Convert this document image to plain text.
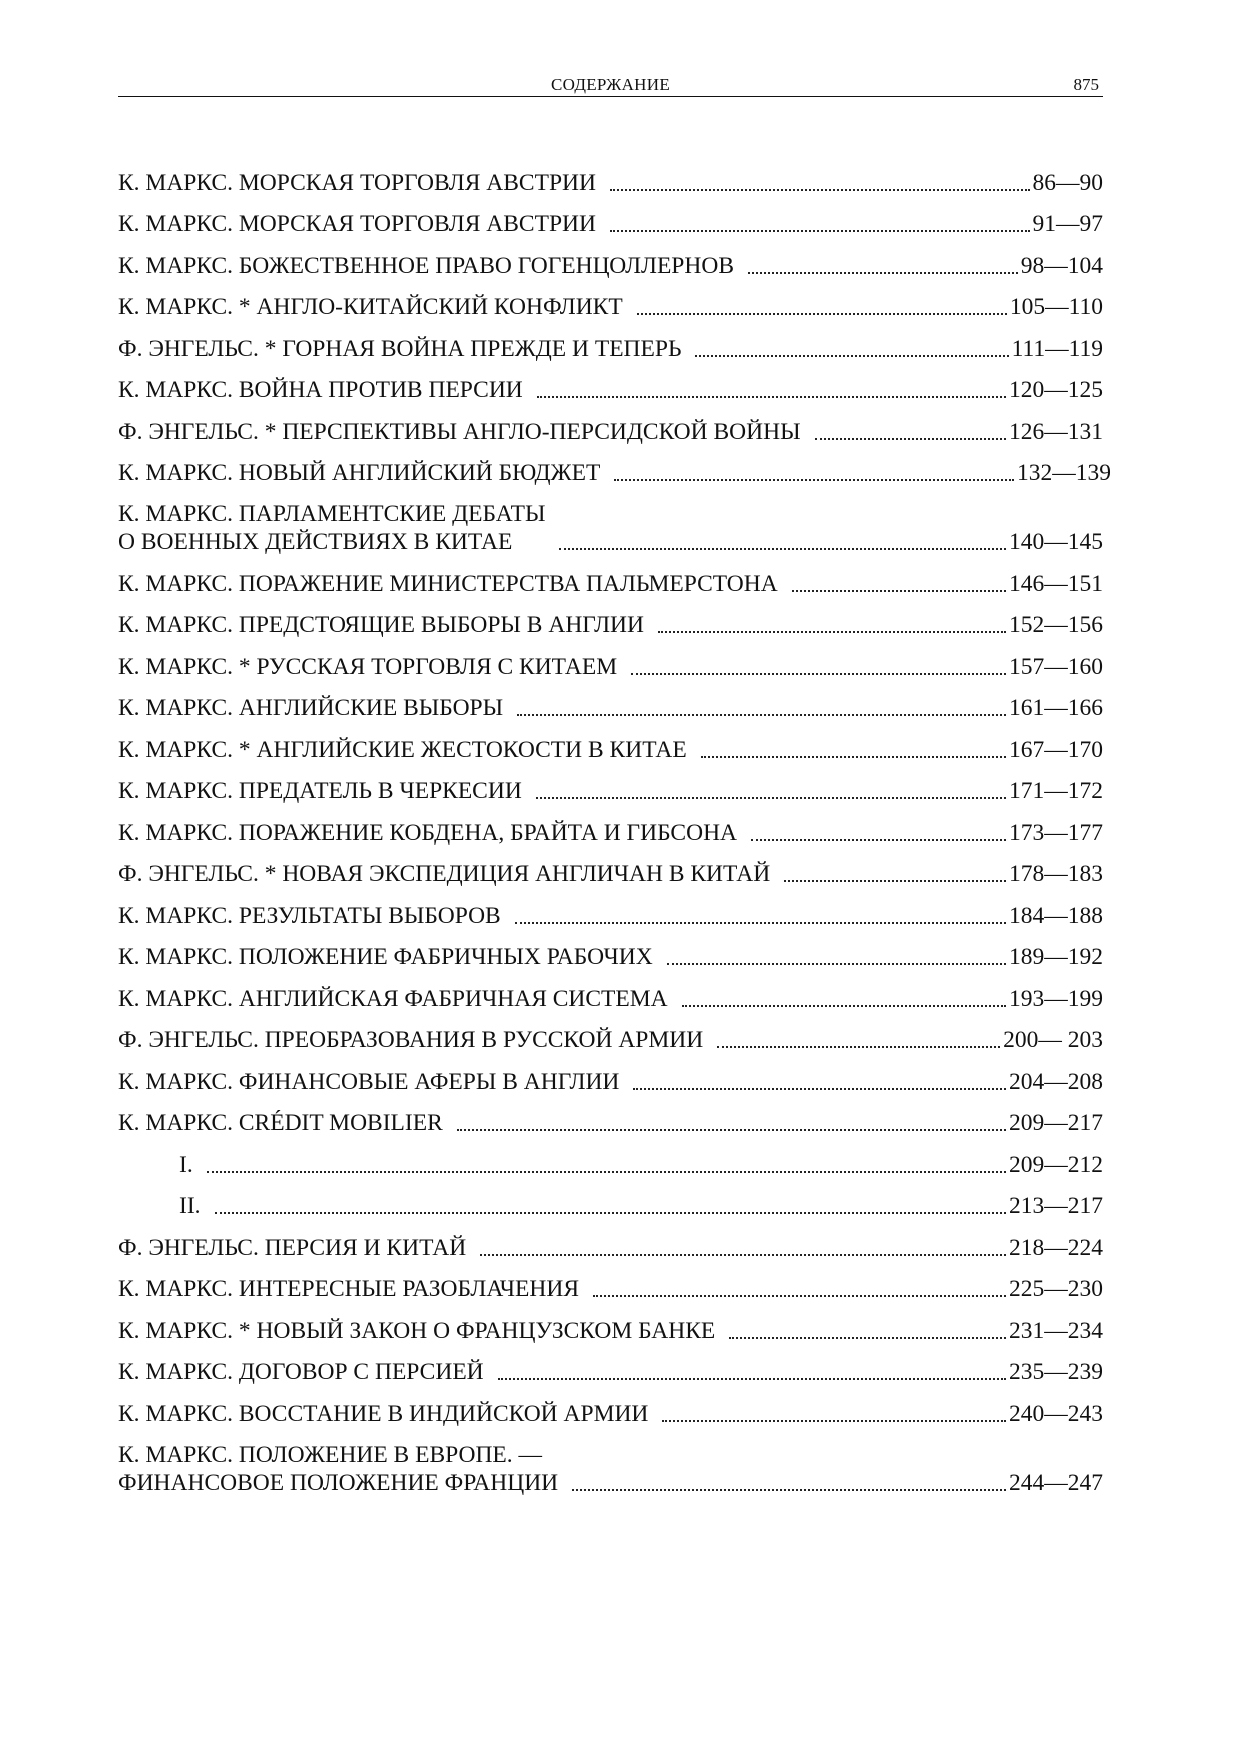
СОДЕРЖАНИЕ	875
К. МАРКС. МОРСКАЯ ТОРГОВЛЯ АВСТРИИ	86—90
К. МАРКС. МОРСКАЯ ТОРГОВЛЯ АВСТРИИ	91—97
К. МАРКС. БОЖЕСТВЕННОЕ ПРАВО ГОГЕНЦОЛЛЕРНОВ	98—104
К. МАРКС. * АНГЛО-КИТАЙСКИЙ КОНФЛИКТ	105—110
Ф. ЭНГЕЛЬС. * ГОРНАЯ ВОЙНА ПРЕЖДЕ И ТЕПЕРЬ	111—119
К. МАРКС. ВОЙНА ПРОТИВ ПЕРСИИ	120—125
Ф. ЭНГЕЛЬС. * ПЕРСПЕКТИВЫ АНГЛО-ПЕРСИДСКОЙ ВОЙНЫ	126—131
К. МАРКС. НОВЫЙ АНГЛИЙСКИЙ БЮДЖЕТ	132—139
К. МАРКС. ПАРЛАМЕНТСКИЕ ДЕБАТЫ
О ВОЕННЫХ ДЕЙСТВИЯХ В КИТАЕ	140—145
К. МАРКС. ПОРАЖЕНИЕ МИНИСТЕРСТВА ПАЛЬМЕРСТОНА	146—151
К. МАРКС. ПРЕДСТОЯЩИЕ ВЫБОРЫ В АНГЛИИ	152—156
К. МАРКС. * РУССКАЯ ТОРГОВЛЯ С КИТАЕМ	157—160
К. МАРКС. АНГЛИЙСКИЕ ВЫБОРЫ	161—166
К. МАРКС. * АНГЛИЙСКИЕ ЖЕСТОКОСТИ В КИТАЕ	167—170
К. МАРКС. ПРЕДАТЕЛЬ В ЧЕРКЕСИИ	171—172
К. МАРКС. ПОРАЖЕНИЕ КОБДЕНА, БРАЙТА И ГИБСОНА	173—177
Ф. ЭНГЕЛЬС. * НОВАЯ ЭКСПЕДИЦИЯ АНГЛИЧАН В КИТАЙ	178—183
К. МАРКС. РЕЗУЛЬТАТЫ ВЫБОРОВ	184—188
К. МАРКС. ПОЛОЖЕНИЕ ФАБРИЧНЫХ РАБОЧИХ	189—192
К. МАРКС. АНГЛИЙСКАЯ ФАБРИЧНАЯ СИСТЕМА	193—199
Ф. ЭНГЕЛЬС. ПРЕОБРАЗОВАНИЯ В РУССКОЙ АРМИИ	200— 203
К. МАРКС. ФИНАНСОВЫЕ АФЕРЫ В АНГЛИИ	204—208
К. МАРКС. CRÉDIT MOBILIER	209—217
I.	209—212
II.	213—217
Ф. ЭНГЕЛЬС. ПЕРСИЯ И КИТАЙ	218—224
К. МАРКС. ИНТЕРЕСНЫЕ РАЗОБЛАЧЕНИЯ	225—230
К. МАРКС. * НОВЫЙ ЗАКОН О ФРАНЦУЗСКОМ БАНКЕ	231—234
К. МАРКС. ДОГОВОР С ПЕРСИЕЙ	235—239
К. МАРКС. ВОССТАНИЕ В ИНДИЙСКОЙ АРМИИ	240—243
К. МАРКС. ПОЛОЖЕНИЕ В ЕВРОПЕ. —
ФИНАНСОВОЕ ПОЛОЖЕНИЕ ФРАНЦИИ	244—247
